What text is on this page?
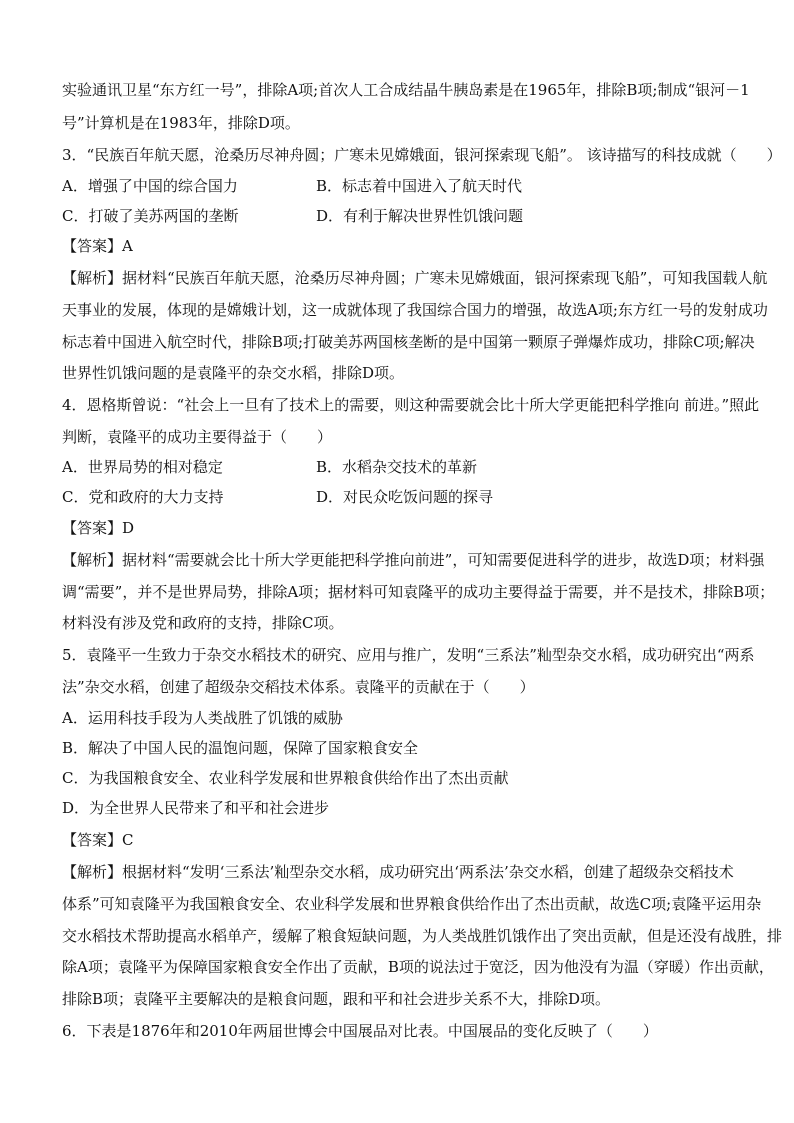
实验通讯卫星“东方红一号”，排除A项;首次人工合成结晶牛胰岛素是在1965年，排除B项;制成“银河－1
号”计算机是在1983年，排除D项。
3．“民族百年航天愿，沧桑历尽神舟圆；广寒未见嫦娥面，银河探索现飞船”。 该诗描写的科技成就（　　）
A．增强了中国的综合国力	B．标志着中国进入了航天时代
C．打破了美苏两国的垄断	D．有利于解决世界性饥饿问题
【答案】A
【解析】据材料“民族百年航天愿，沧桑历尽神舟圆；广寒未见嫦娥面，银河探索现飞船”，可知我国载人航
天事业的发展，体现的是嫦娥计划，这一成就体现了我国综合国力的增强，故选A项;东方红一号的发射成功
标志着中国进入航空时代，排除B项;打破美苏两国核垄断的是中国第一颗原子弹爆炸成功，排除C项;解决
世界性饥饿问题的是袁隆平的杂交水稻，排除D项。
4．恩格斯曾说：“社会上一旦有了技术上的需要，则这种需要就会比十所大学更能把科学推向 前进。”照此
判断，袁隆平的成功主要得益于（　　）
A．世界局势的相对稳定	B．水稻杂交技术的革新
C．党和政府的大力支持	D．对民众吃饭问题的探寻
【答案】D
【解析】据材料“需要就会比十所大学更能把科学推向前进”，可知需要促进科学的进步，故选D项；材料强
调“需要”，并不是世界局势，排除A项；据材料可知袁隆平的成功主要得益于需要，并不是技术，排除B项；
材料没有涉及党和政府的支持，排除C项。
5．袁隆平一生致力于杂交水稻技术的研究、应用与推广，发明“三系法”籼型杂交水稻，成功研究出“两系
法”杂交水稻，创建了超级杂交稻技术体系。袁隆平的贡献在于（　　）
A．运用科技手段为人类战胜了饥饿的威胁
B．解决了中国人民的温饱问题，保障了国家粮食安全
C．为我国粮食安全、农业科学发展和世界粮食供给作出了杰出贡献
D．为全世界人民带来了和平和社会进步
【答案】C
【解析】根据材料“发明‘三系法’籼型杂交水稻，成功研究出‘两系法’杂交水稻，创建了超级杂交稻技术
体系”可知袁隆平为我国粮食安全、农业科学发展和世界粮食供给作出了杰出贡献，故选C项;袁隆平运用杂
交水稻技术帮助提高水稻单产，缓解了粮食短缺问题，为人类战胜饥饿作出了突出贡献，但是还没有战胜，排
除A项；袁隆平为保障国家粮食安全作出了贡献，B项的说法过于宽泛，因为他没有为温（穿暖）作出贡献，
排除B项；袁隆平主要解决的是粮食问题，跟和平和社会进步关系不大，排除D项。
6．下表是1876年和2010年两届世博会中国展品对比表。中国展品的变化反映了（　　）
